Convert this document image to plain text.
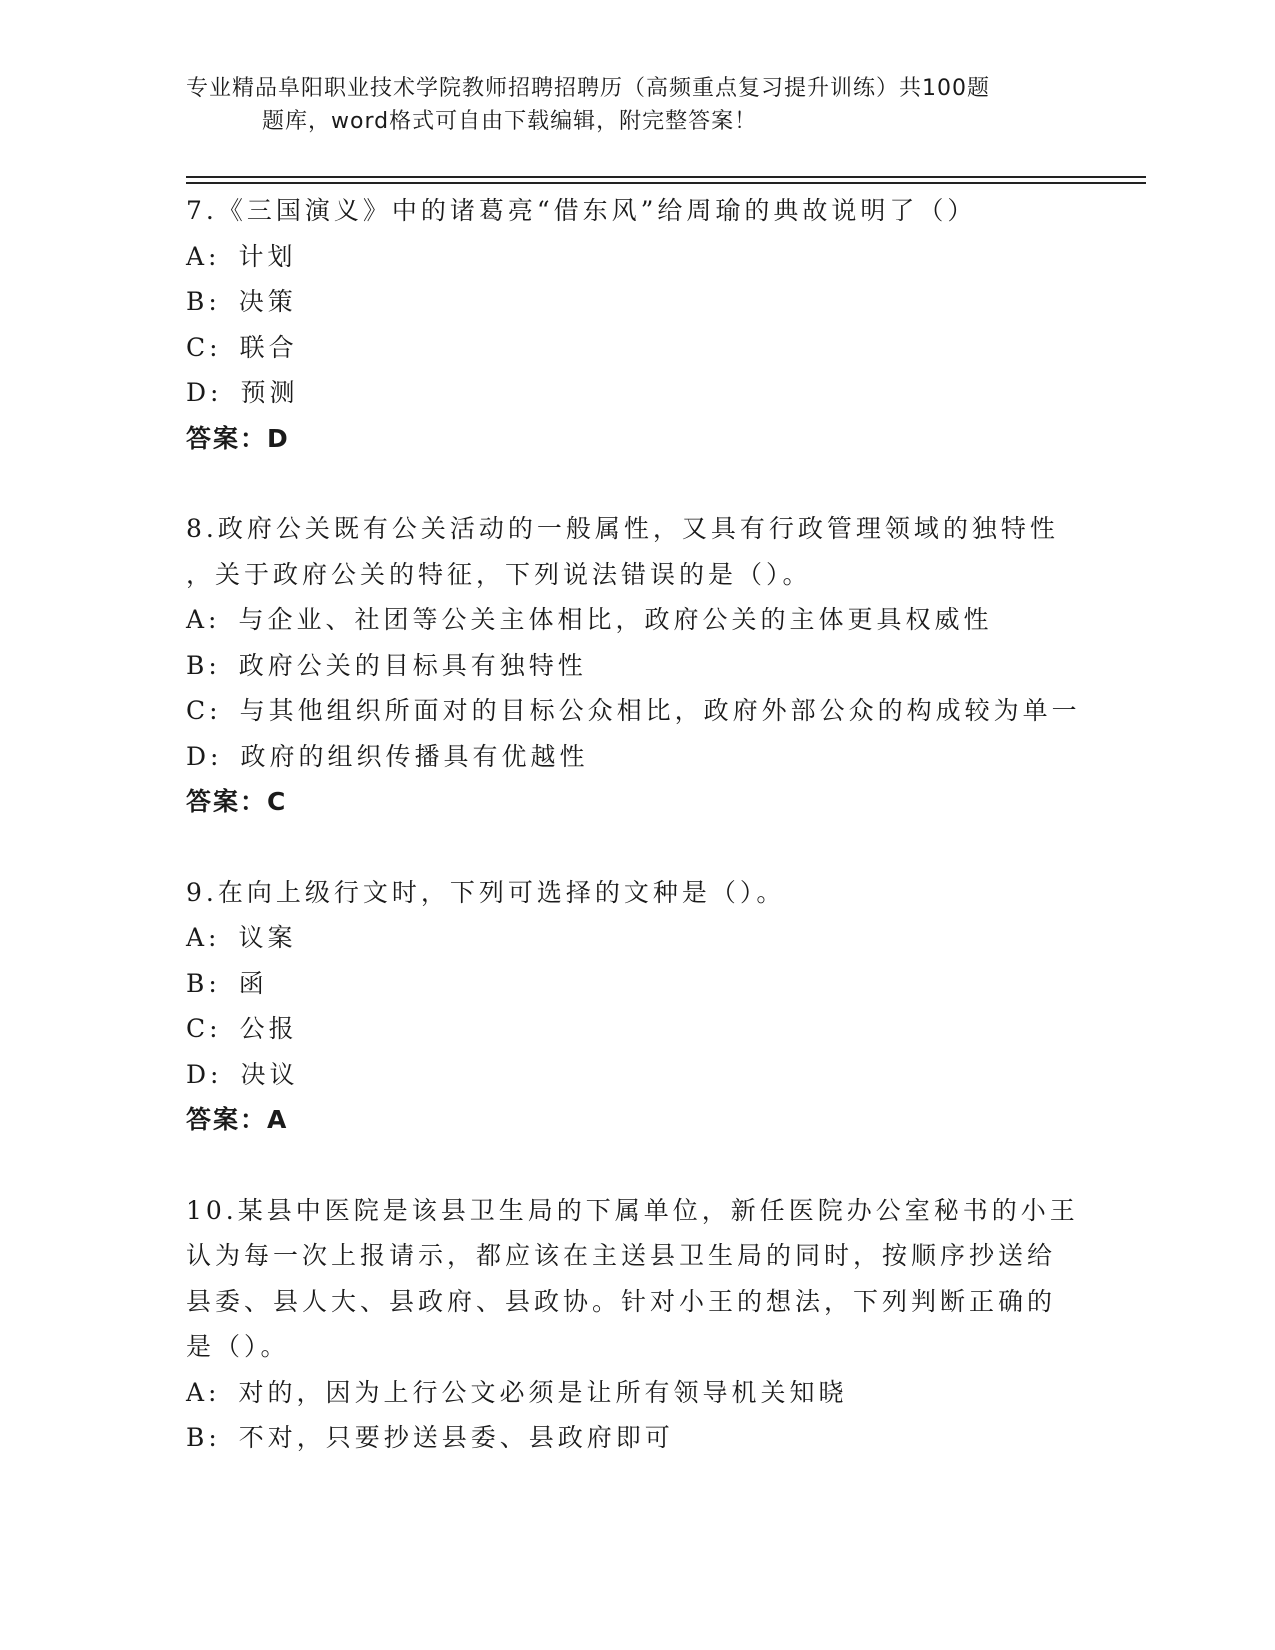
专业精品阜阳职业技术学院教师招聘招聘历（高频重点复习提升训练）共100题
题库，word格式可自由下载编辑，附完整答案！
7.《三国演义》中的诸葛亮“借东风”给周瑜的典故说明了（）
A: 计划
B: 决策
C: 联合
D: 预测
答案：D
8.政府公关既有公关活动的一般属性，又具有行政管理领域的独特性
，关于政府公关的特征，下列说法错误的是（）。
A: 与企业、社团等公关主体相比，政府公关的主体更具权威性
B: 政府公关的目标具有独特性
C: 与其他组织所面对的目标公众相比，政府外部公众的构成较为单一
D: 政府的组织传播具有优越性
答案：C
9.在向上级行文时，下列可选择的文种是（）。
A: 议案
B: 函
C: 公报
D: 决议
答案：A
10.某县中医院是该县卫生局的下属单位，新任医院办公室秘书的小王
认为每一次上报请示，都应该在主送县卫生局的同时，按顺序抄送给
县委、县人大、县政府、县政协。针对小王的想法，下列判断正确的
是（）。
A: 对的，因为上行公文必须是让所有领导机关知晓
B: 不对，只要抄送县委、县政府即可
